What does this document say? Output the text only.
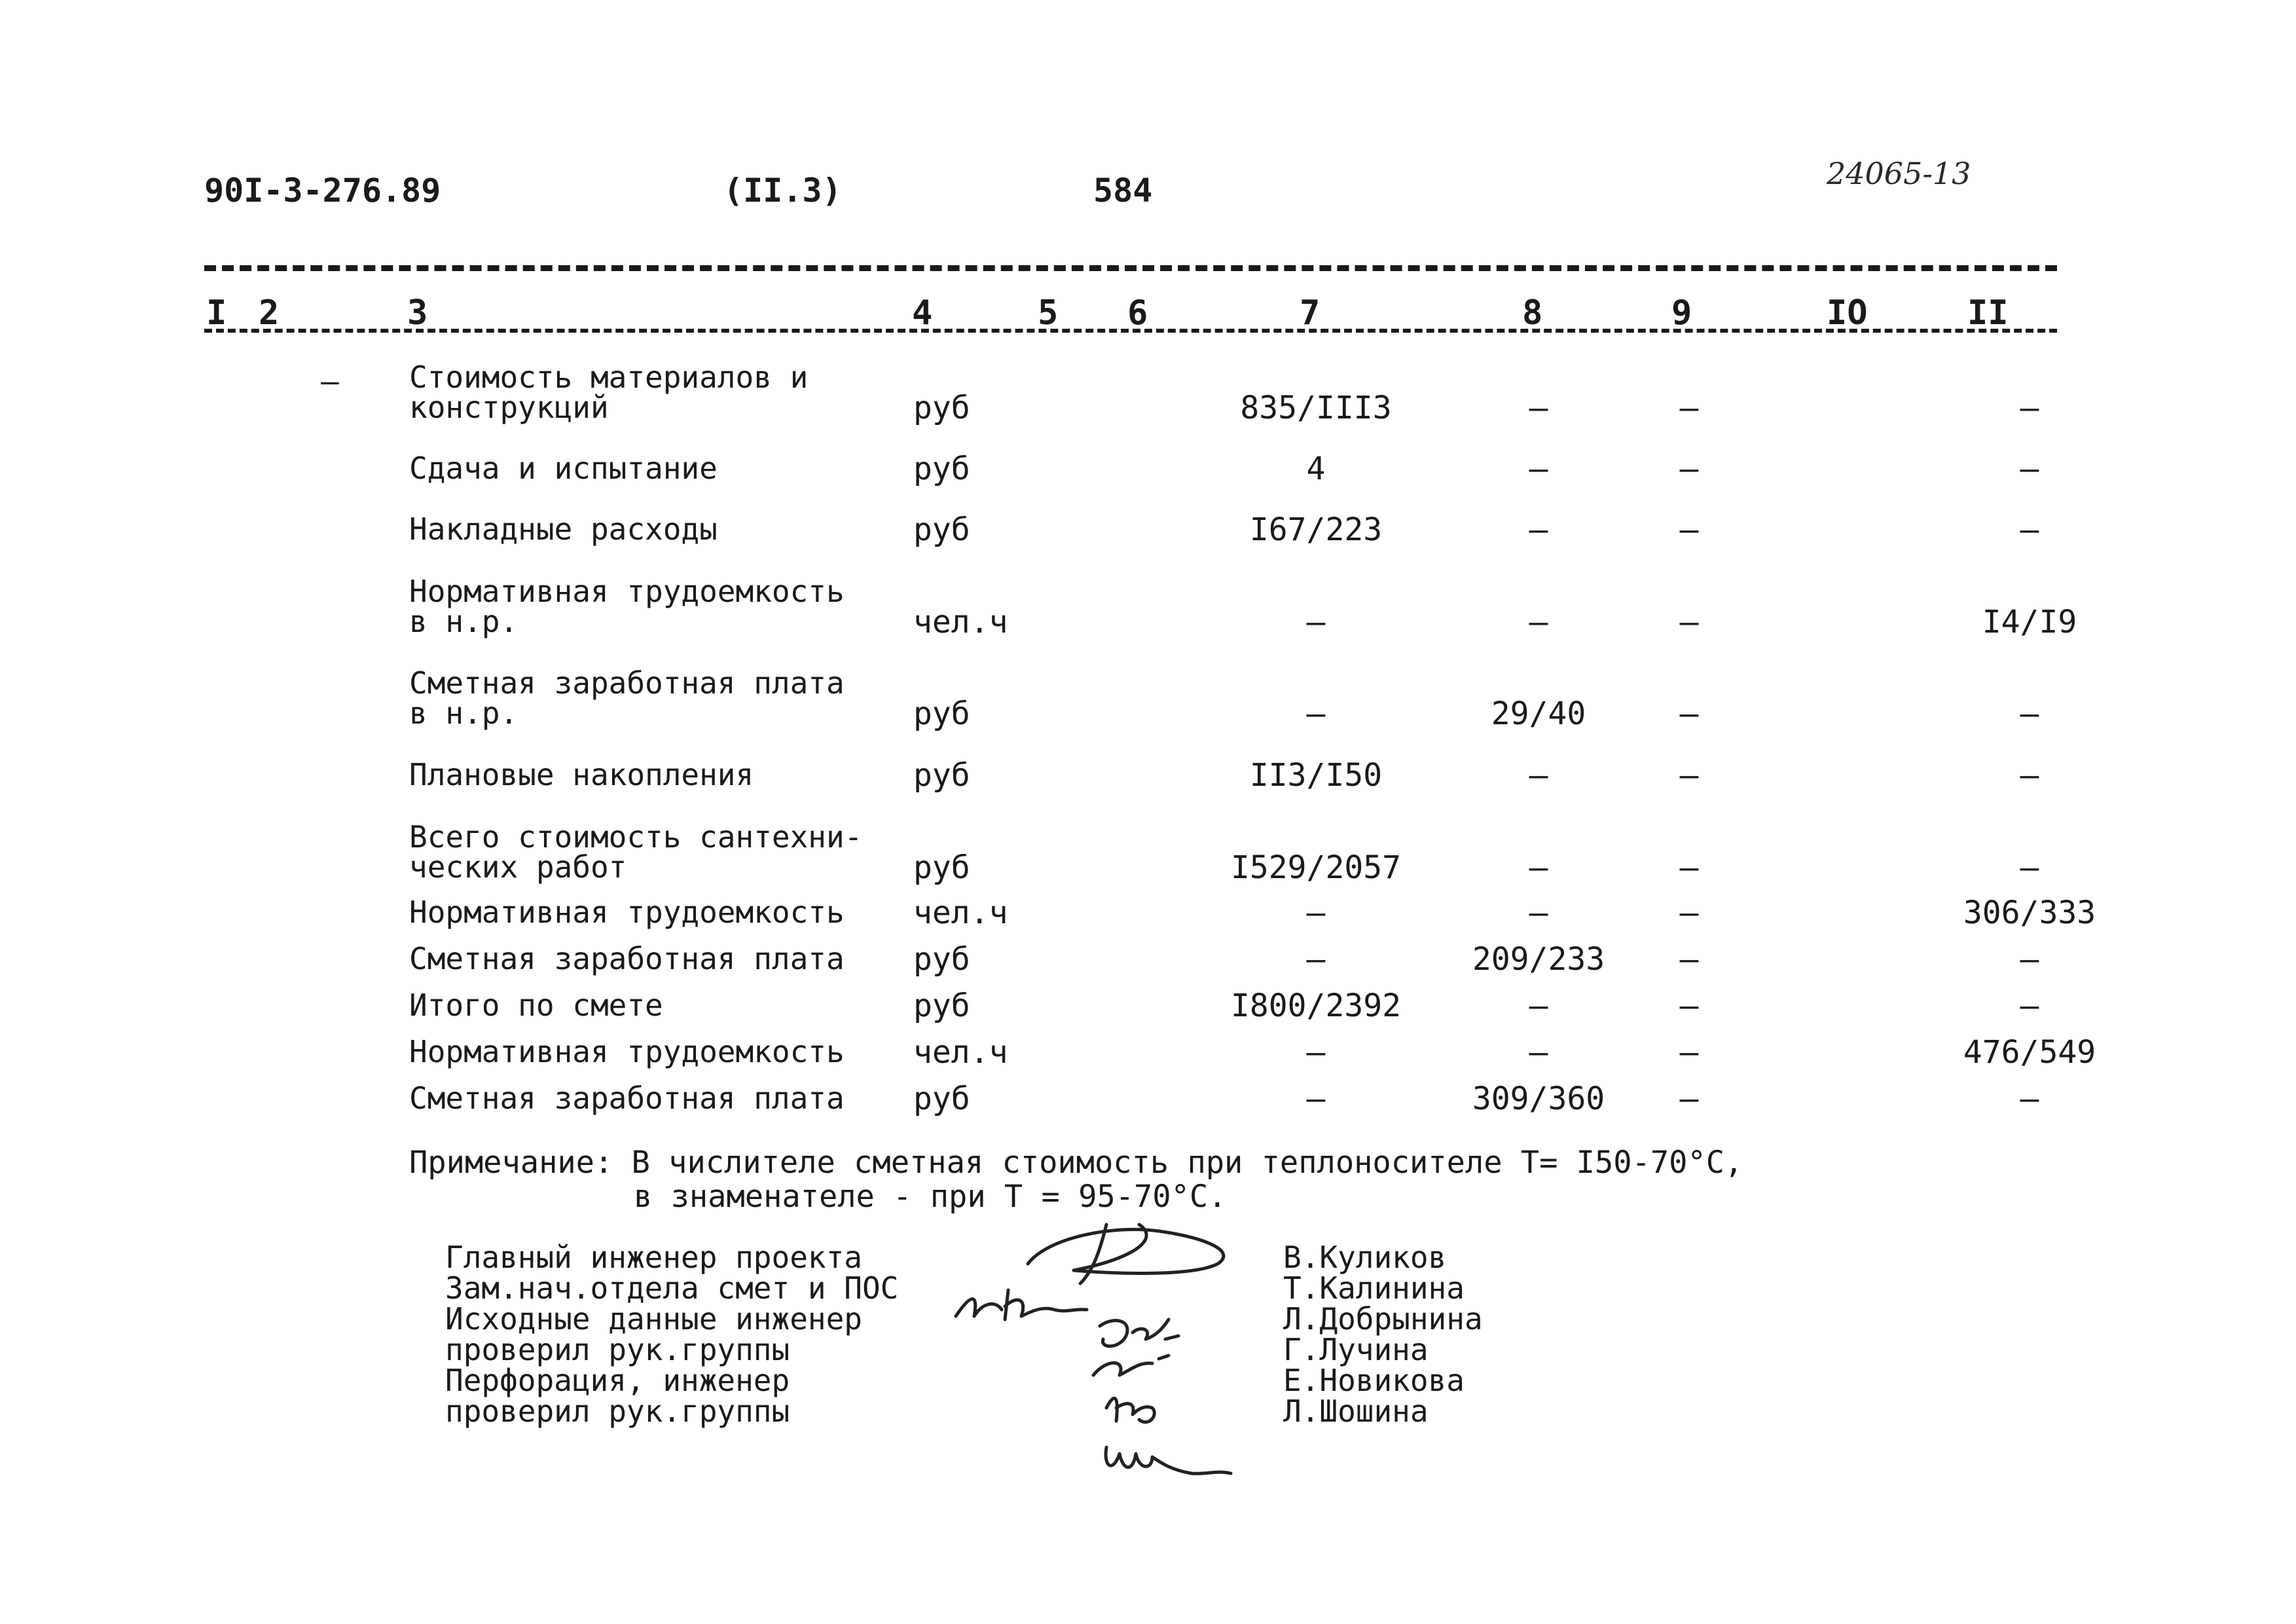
90I-3-276.89	(II.3)	584	24065-13
I 2	3	4	5 6	7	8	9	IO	II
– Стоимость материалов и
конструкций	руб	835/III3	–	–	–
Сдача и испытание	руб	4	–	–	–
Накладные расходы	руб	I67/223	–	–	–
Нормативная трудоемкость
в н.р.	чел.ч	–	–	–	I4/I9
Сметная заработная плата
в н.р.	руб	–	29/40	–	–
Плановые накопления	руб	II3/I50	–	–	–
Всего стоимость сантехни-
ческих работ	руб	I529/2057	–	–	–
Нормативная трудоемкость чел.ч	–	–	–	306/333
Сметная заработная плата руб	–	209/233	–	–
Итого по смете	руб	I800/2392	–	–	–
Нормативная трудоемкость чел.ч	–	–	–	476/549
Сметная заработная плата руб	–	309/360	–	–
Примечание: В числителе сметная стоимость при теплоносителе Т= I50-70°С,
в знаменателе - при Т = 95-70°С.
Главный инженер проекта
Зам.нач.отдела смет и ПОС
Исходные данные инженер
проверил рук.группы
Перфорация, инженер
проверил рук.группы
В.Куликов
Т.Калинина
Л.Добрынина
Г.Лучина
Е.Новикова
Л.Шошина
